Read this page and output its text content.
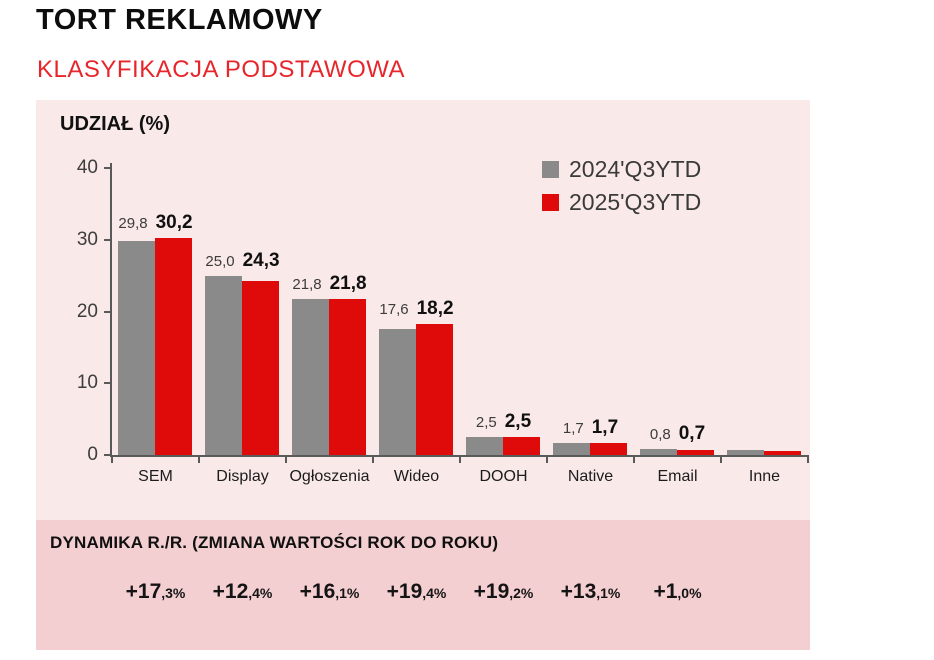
TORT REKLAMOWY
KLASYFIKACJA PODSTAWOWA
UDZIAŁ (%)
2024'Q3YTD
2025'Q3YTD
0
10
20
30
40
29,8 30,2
25,0 24,3
21,8 21,8
17,6 18,2
2,5 2,5 1,7 1,7 0,8 0,7
SEM	Display	Ogłoszenia	Wideo	DOOH	Native	Email	Inne
DYNAMIKA R./R. (ZMIANA WARTOŚCI ROK DO ROKU)
+17 ,3% +12 ,4% +16 ,1% +19 ,4% +19 ,2% +13 ,1% +1 ,0%
